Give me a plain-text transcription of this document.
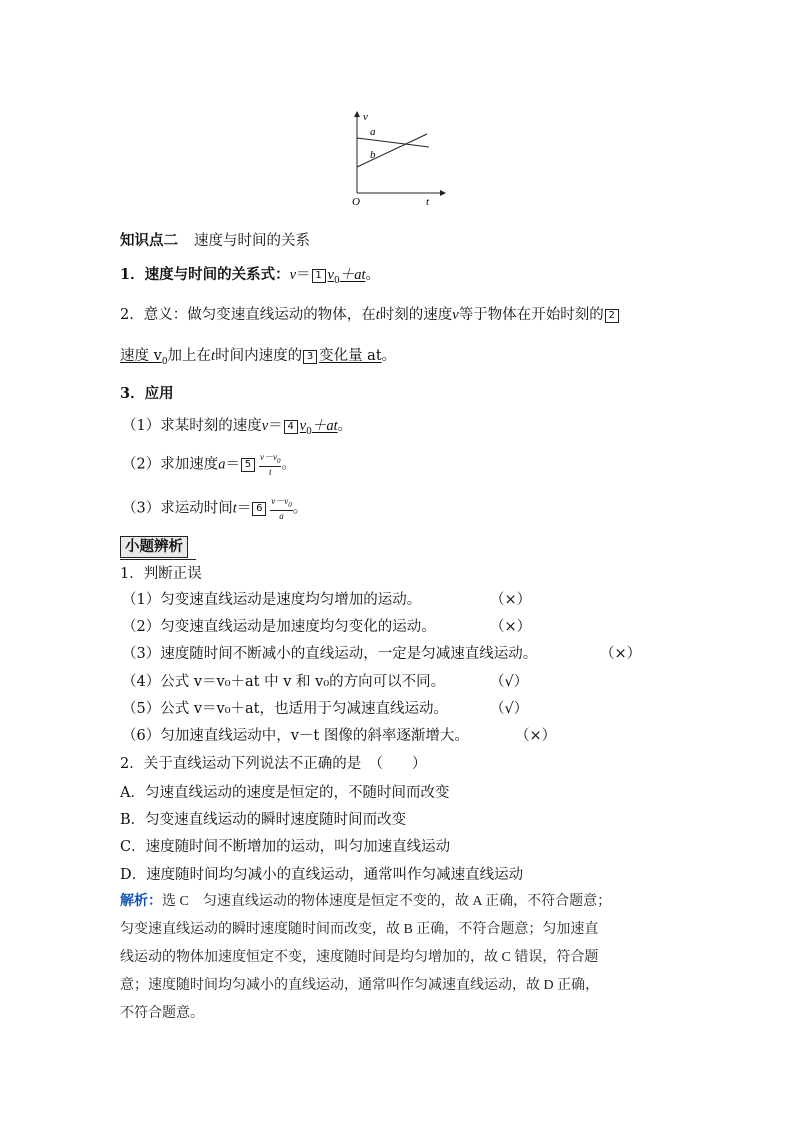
v
t
O
a
b
知识点二 速度与时间的关系
1．速度与时间的关系式：v＝ 1 $v_0+at$。
2．意义：做匀变速直线运动的物体，在t时刻的速度v等于物体在开始时刻的 2
速度 $v_0$加上在t时间内速度的 3 变化量 at。
3．应用
（1）求某时刻的速度v＝ 4 $v_0+at$。
（2）求加速度$a= 5 \frac{v-v_0}{t}$ 。
（3）求运动时间$t= 6 \frac{v-v_0}{a}$ 。
小题辨析
1．判断正误
（1）匀变速直线运动是速度均匀增加的运动。	（×）
（2）匀变速直线运动是加速度均匀变化的运动。	（×）
（3）速度随时间不断减小的直线运动，一定是匀减速直线运动。	（×）
（4）公式 v＝v₀＋at 中 v 和 v₀的方向可以不同。	（√）
（5）公式 v＝v₀＋at，也适用于匀减速直线运动。	（√）
（6）匀加速直线运动中，v－t 图像的斜率逐渐增大。	（×）
2．关于直线运动下列说法不正确的是　（　　）
A．匀速直线运动的速度是恒定的，不随时间而改变
B．匀变速直线运动的瞬时速度随时间而改变
C．速度随时间不断增加的运动，叫匀加速直线运动
D．速度随时间均匀减小的直线运动，通常叫作匀减速直线运动
解析：选 C　匀速直线运动的物体速度是恒定不变的，故 A 正确，不符合题意；
匀变速直线运动的瞬时速度随时间而改变，故 B 正确，不符合题意；匀加速直
线运动的物体加速度恒定不变，速度随时间是均匀增加的，故 C 错误，符合题
意；速度随时间均匀减小的直线运动，通常叫作匀减速直线运动，故 D 正确，
不符合题意。
